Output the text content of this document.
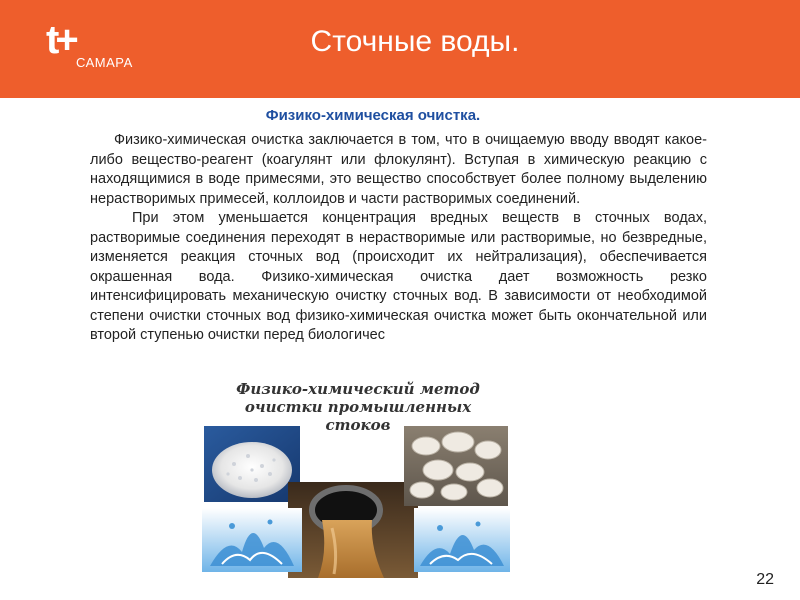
t+
САМАРА
Сточные воды.
Физико-химическая очистка.

Физико-химическая очистка заключается в том, что в очищаемую вводу вводят какое-либо вещество-реагент (коагулянт или флокулянт). Вступая в химическую реакцию с находящимися в воде примесями, это вещество способствует более полному выделению нерастворимых примесей, коллоидов и части растворимых соединений.

При этом уменьшается концентрация вредных веществ в сточных водах, растворимые соединения переходят в нерастворимые или растворимые, но безвредные, изменяется реакция сточных вод (происходит их нейтрализация), обеспечивается окрашенная вода. Физико-химическая очистка дает возможность резко интенсифицировать механическую очистку сточных вод. В зависимости от необходимой степени очистки сточных вод физико-химическая очистка может быть окончательной или второй ступенью очистки перед биологичес

Физико-химический метод
очистки промышленных
стоков
22
